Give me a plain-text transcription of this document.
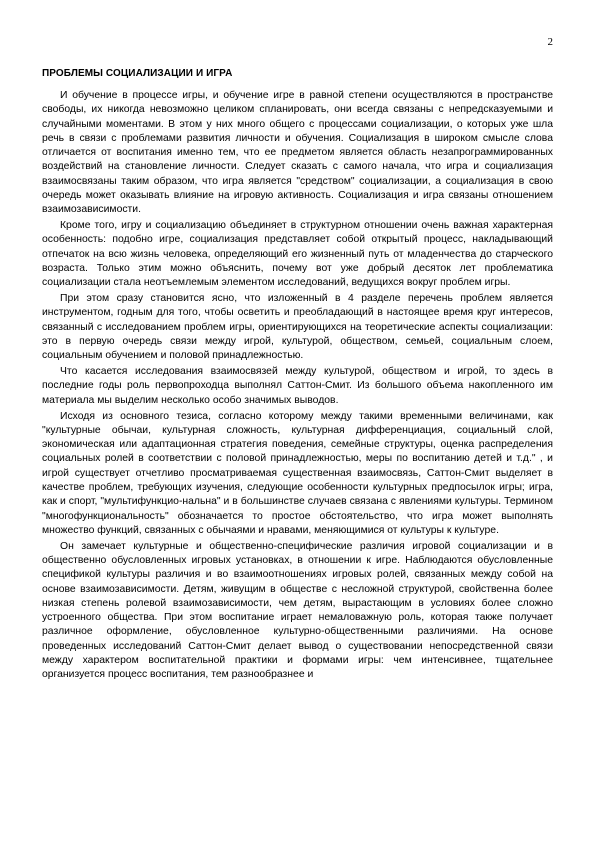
2
ПРОБЛЕМЫ СОЦИАЛИЗАЦИИ И ИГРА

И обучение в процессе игры, и обучение игре в равной степени осуществляются в пространстве свободы, их никогда невозможно целиком спланировать, они всегда связаны с непредсказуемыми и случайными моментами. В этом у них много общего с процессами социализации, о которых уже шла речь в связи с проблемами развития личности и обучения. Социализация в широком смысле слова отличается от воспитания именно тем, что ее предметом является область незапрограммированных воздействий на становление личности. Следует сказать с самого начала, что игра и социализация взаимосвязаны таким образом, что игра является "средством" социализации, а социализация в свою очередь может оказывать влияние на игровую активность. Социализация и игра связаны отношением взаимозависимости.

Кроме того, игру и социализацию объединяет в структурном отношении очень важная характерная особенность: подобно игре, социализация представляет собой открытый процесс, накладывающий отпечаток на всю жизнь человека, определяющий его жизненный путь от младенчества до старческого возраста. Только этим можно объяснить, почему вот уже добрый десяток лет проблематика социализации стала неотъемлемым элементом исследований, ведущихся вокруг проблем игры.

При этом сразу становится ясно, что изложенный в 4 разделе перечень проблем является инструментом, годным для того, чтобы осветить и преобладающий в настоящее время круг интересов, связанный с исследованием проблем игры, ориентирующихся на теоретические аспекты социализации: это в первую очередь связи между игрой, культурой, обществом, семьей, социальным слоем, социальным обучением и половой принадлежностью.

Что касается исследования взаимосвязей между культурой, обществом и игрой, то здесь в последние годы роль первопроходца выполнял Саттон-Смит. Из большого объема накопленного им материала мы выделим несколько особо значимых выводов.

Исходя из основного тезиса, согласно которому между такими временными величинами, как "культурные обычаи, культурная сложность, культурная дифференциация, социальный слой, экономическая или адаптационная стратегия поведения, семейные структуры, оценка распределения социальных ролей в соответствии с половой принадлежностью, меры по воспитанию детей и т.д." , и игрой существует отчетливо просматриваемая существенная взаимосвязь, Саттон-Смит выделяет в качестве проблем, требующих изучения, следующие особенности культурных предпосылок игры; игра, как и спорт, "мультифункцио-нальна" и в большинстве случаев связана с явлениями культуры. Термином "многофункциональность" обозначается то простое обстоятельство, что игра может выполнять множество функций, связанных с обычаями и нравами, меняющимися от культуры к культуре.

Он замечает культурные и общественно-специфические различия игровой социализации и в общественно обусловленных игровых установках, в отношении к игре. Наблюдаются обусловленные спецификой культуры различия и во взаимоотношениях игровых ролей, связанных между собой на основе взаимозависимости. Детям, живущим в обществе с несложной структурой, свойственна более низкая степень ролевой взаимозависимости, чем детям, вырастающим в условиях более сложно устроенного общества. При этом воспитание играет немаловажную роль, которая также получает различное оформление, обусловленное культурно-общественными различиями. На основе проведенных исследований Саттон-Смит делает вывод о существовании непосредственной связи между характером воспитательной практики и формами игры: чем интенсивнее, тщательнее организуется процесс воспитания, тем разнообразнее и
